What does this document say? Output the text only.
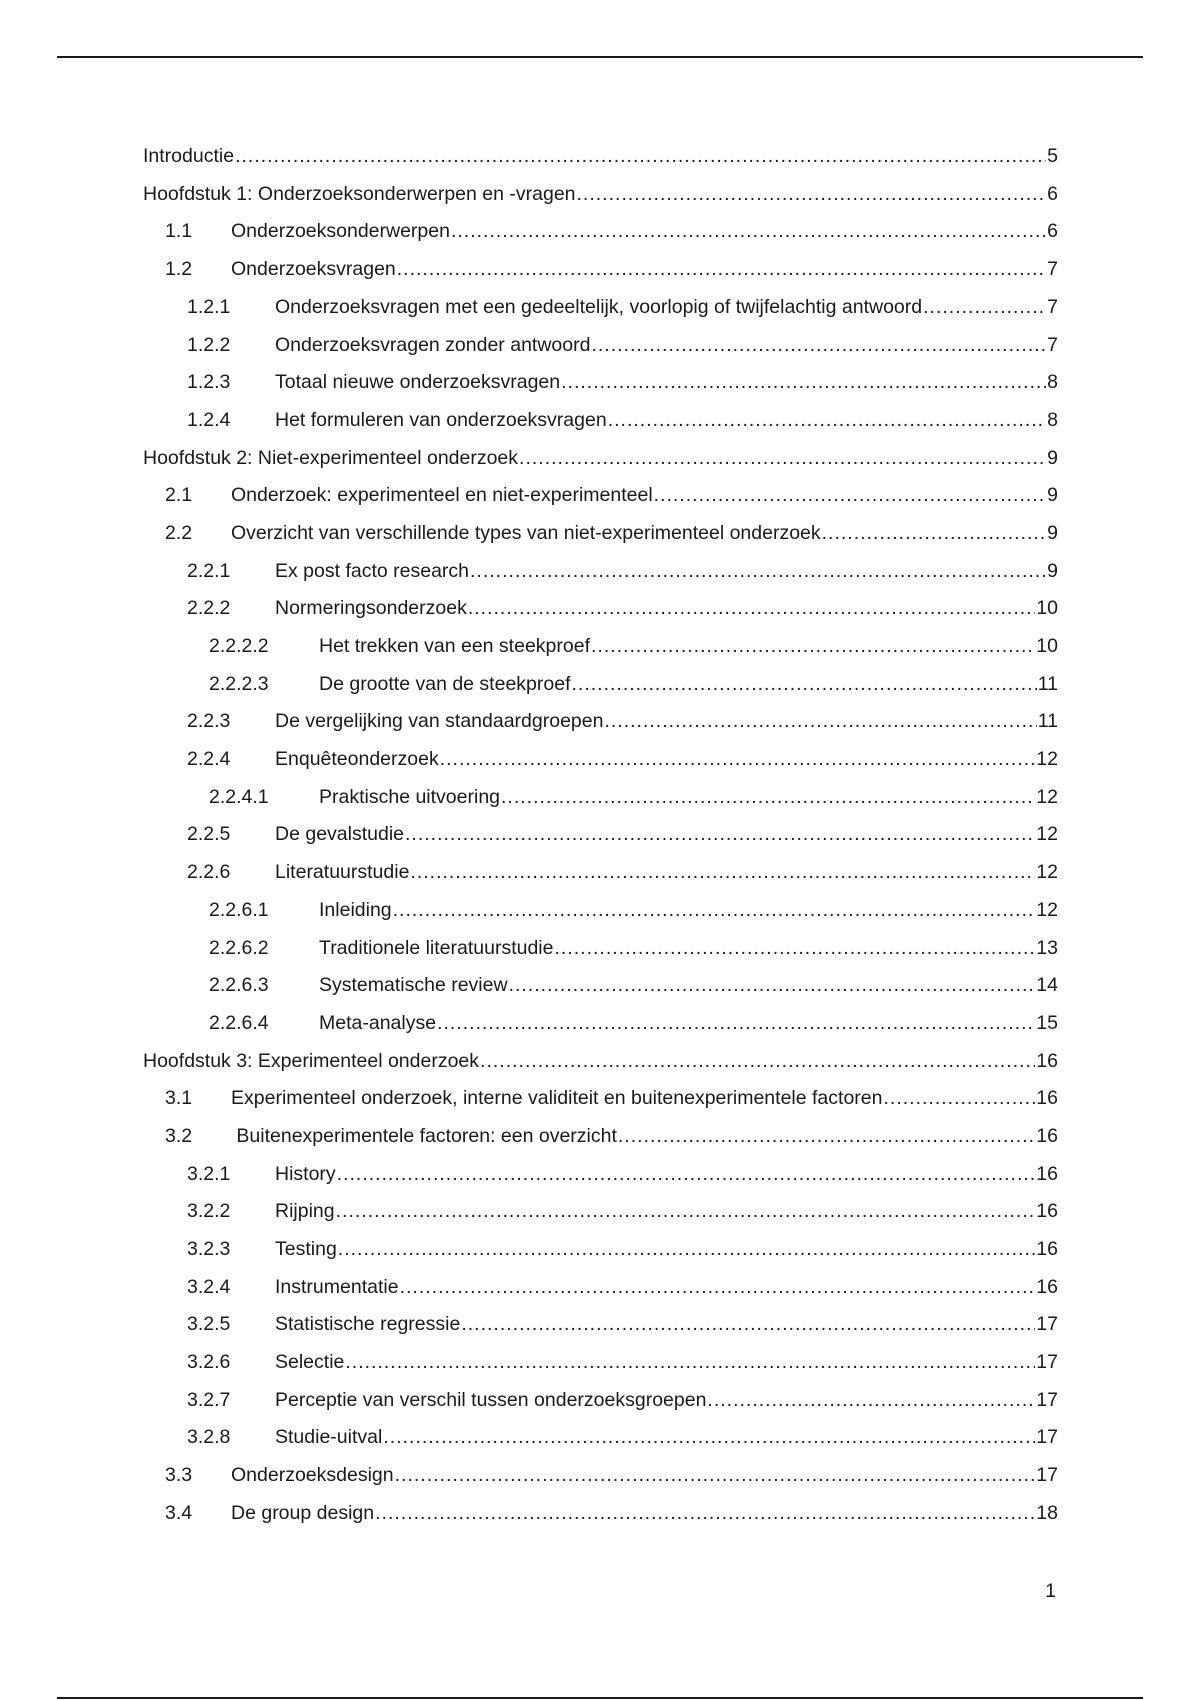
Introductie .....	5
Hoofdstuk 1: Onderzoeksonderwerpen en -vragen .....	6
1.1	Onderzoeksonderwerpen .....	6
1.2	Onderzoeksvragen .....	7
1.2.1	Onderzoeksvragen met een gedeeltelijk, voorlopig of twijfelachtig antwoord .....	7
1.2.2	Onderzoeksvragen zonder antwoord .....	7
1.2.3	Totaal nieuwe onderzoeksvragen .....	8
1.2.4	Het formuleren van onderzoeksvragen .....	8
Hoofdstuk 2: Niet-experimenteel onderzoek .....	9
2.1	Onderzoek: experimenteel en niet-experimenteel .....	9
2.2	Overzicht van verschillende types van niet-experimenteel onderzoek .....	9
2.2.1	Ex post facto research .....	9
2.2.2	Normeringsonderzoek .....	10
2.2.2.2	Het trekken van een steekproef .....	10
2.2.2.3	De grootte van de steekproef .....	11
2.2.3	De vergelijking van standaardgroepen .....	11
2.2.4	Enquêteonderzoek .....	12
2.2.4.1	Praktische uitvoering .....	12
2.2.5	De gevalstudie .....	12
2.2.6	Literatuurstudie .....	12
2.2.6.1	Inleiding .....	12
2.2.6.2	Traditionele literatuurstudie .....	13
2.2.6.3	Systematische review .....	14
2.2.6.4	Meta-analyse .....	15
Hoofdstuk 3: Experimenteel onderzoek .....	16
3.1	Experimenteel onderzoek, interne validiteit en buitenexperimentele factoren .....	16
3.2	Buitenexperimentele factoren: een overzicht .....	16
3.2.1	History .....	16
3.2.2	Rijping .....	16
3.2.3	Testing .....	16
3.2.4	Instrumentatie .....	16
3.2.5	Statistische regressie .....	17
3.2.6	Selectie .....	17
3.2.7	Perceptie van verschil tussen onderzoeksgroepen .....	17
3.2.8	Studie-uitval .....	17
3.3	Onderzoeksdesign .....	17
3.4	De group design .....	18
1
